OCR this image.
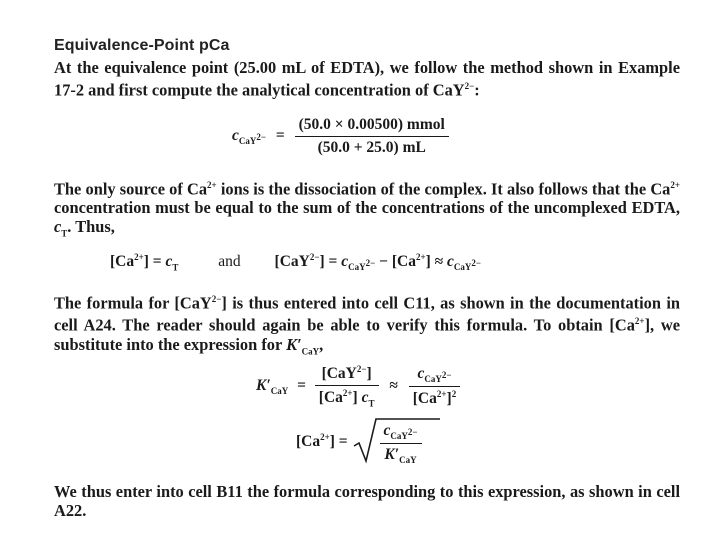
Equivalence-Point pCa

At the equivalence point (25.00 mL of EDTA), we follow the method shown in Example 17-2 and first compute the analytical concentration of CaY$^{2-}$:

$c_{CaY^{2-}} = \frac{\text{(50.0 × 0.00500) mmol}}{(50.0 + 25.0) mL}$

The only source of $Ca^{2+}$ ions is the dissociation of the complex. It also follows that the $Ca^{2+}$ concentration must be equal to the sum of the concentrations of the uncomplexed EDTA, $c_T$. Thus,

$[Ca^{2+}] = c_T$	and $[CaY^{2-}] = c_{CaY^{2-}} - [Ca^{2+}] \approx c_{CaY^{2-}}$

The formula for [CaY$^{2-}$] is thus entered into cell C11, as shown in the documentation in cell A24. The reader should again be able to verify this formula. To obtain $[Ca^{2+}]$, we substitute into the expression for $K'_{CaY}$,

$K'_{CaY} = \frac{[CaY^{2-}]}{[Ca^{2+}] c_T} \approx \frac{c_{CaY^{2-}}}{[Ca^{2+}]^2}$
$[Ca^{2+}] = \frac{c_{CaY^{2-}}}{K'_{CaY}}$

We thus enter into cell B11 the formula corresponding to this expression, as shown in cell A22.
